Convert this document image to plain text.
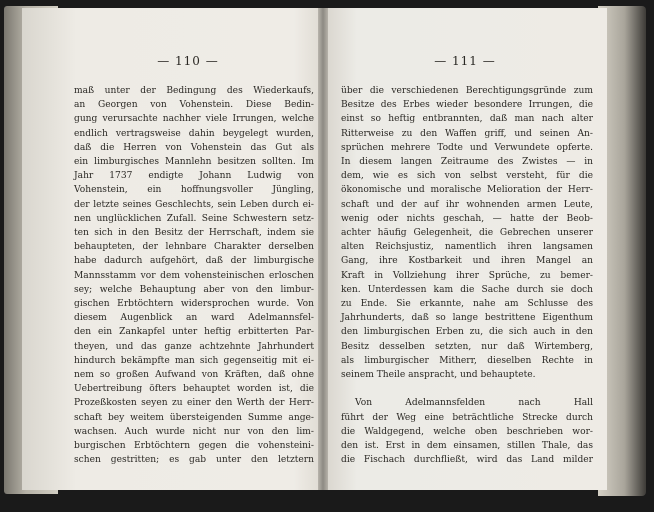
— 110 —
maß unter der Bedingung des Wiederkaufs,
an Georgen von Vohenstein. Diese Bedin-
gung verursachte nachher viele Irrungen, welche
endlich vertragsweise dahin beygelegt wurden,
daß die Herren von Vohenstein das Gut als
ein limburgisches Mannlehn besitzen sollten. Im
Jahr 1737 endigte Johann Ludwig von
Vohenstein, ein hoffnungsvoller Jüngling,
der letzte seines Geschlechts, sein Leben durch ei-
nen unglücklichen Zufall. Seine Schwestern setz-
ten sich in den Besitz der Herrschaft, indem sie
behaupteten, der lehnbare Charakter derselben
habe dadurch aufgehört, daß der limburgische
Mannsstamm vor dem vohensteinischen erloschen
sey; welche Behauptung aber von den limbur-
gischen Erbtöchtern widersprochen wurde. Von
diesem Augenblick an ward Adelmannsfel-
den ein Zankapfel unter heftig erbitterten Par-
theyen, und das ganze achtzehnte Jahrhundert
hindurch bekämpfte man sich gegenseitig mit ei-
nem so großen Aufwand von Kräften, daß ohne
Uebertreibung öfters behauptet worden ist, die
Prozeßkosten seyen zu einer den Werth der Herr-
schaft bey weitem übersteigenden Summe ange-
wachsen. Auch wurde nicht nur von den lim-
burgischen Erbtöchtern gegen die vohensteini-
schen gestritten; es gab unter den letztern
— 111 —
über die verschiedenen Berechtigungsgründe zum
Besitze des Erbes wieder besondere Irrungen, die
einst so heftig entbrannten, daß man nach alter
Ritterweise zu den Waffen griff, und seinen An-
sprüchen mehrere Todte und Verwundete opferte.
In diesem langen Zeitraume des Zwistes — in
dem, wie es sich von selbst versteht, für die
ökonomische und moralische Melioration der Herr-
schaft und der auf ihr wohnenden armen Leute,
wenig oder nichts geschah, — hatte der Beob-
achter häufig Gelegenheit, die Gebrechen unserer
alten Reichsjustiz, namentlich ihren langsamen
Gang, ihre Kostbarkeit und ihren Mangel an
Kraft in Vollziehung ihrer Sprüche, zu bemer-
ken. Unterdessen kam die Sache durch sie doch
zu Ende. Sie erkannte, nahe am Schlusse des
Jahrhunderts, daß so lange bestrittene Eigenthum
den limburgischen Erben zu, die sich auch in den
Besitz desselben setzten, nur daß Wirtemberg,
als limburgischer Mitherr, dieselben Rechte in
seinem Theile anspracht, und behauptete.
Von Adelmannsfelden nach Hall
führt der Weg eine beträchtliche Strecke durch
die Waldgegend, welche oben beschrieben wor-
den ist. Erst in dem einsamen, stillen Thale, das
die Fischach durchfließt, wird das Land milder
